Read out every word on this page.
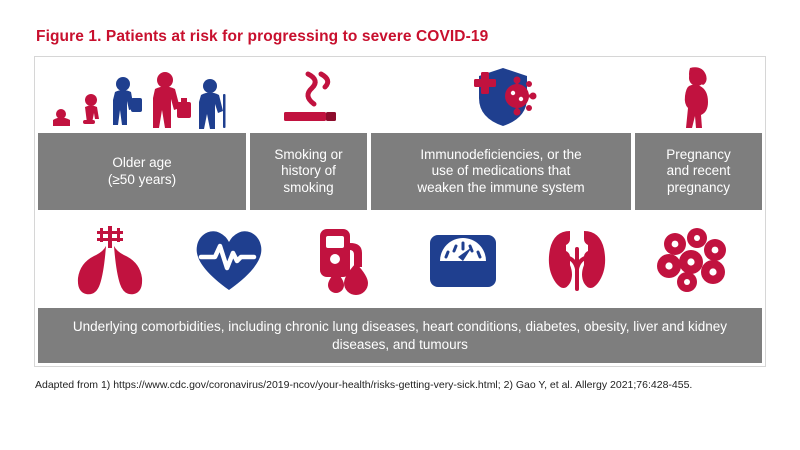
Figure 1. Patients at risk for progressing to severe COVID-19
Older age
(≥50 years)
Smoking or
history of
smoking
Immunodeficiencies, or the
use of medications that
weaken the immune system
Pregnancy
and recent
pregnancy
Underlying comorbidities, including chronic lung diseases, heart conditions, diabetes, obesity, liver and kidney diseases, and tumours
Adapted from 1) https://www.cdc.gov/coronavirus/2019-ncov/your-health/risks-getting-very-sick.html; 2) Gao Y, et al. Allergy 2021;76:428-455.
